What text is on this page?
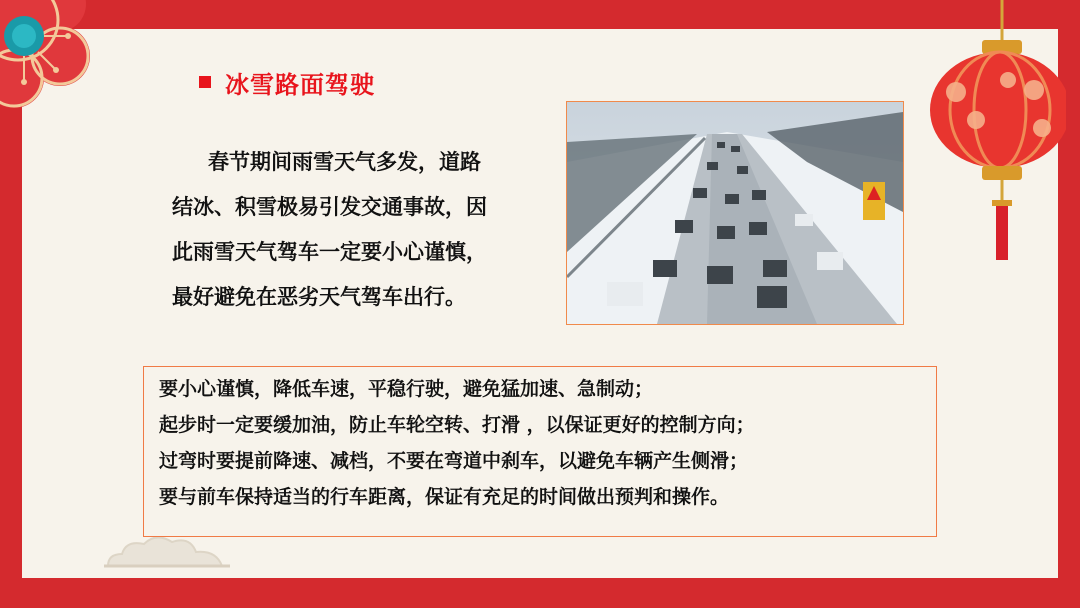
冰雪路面驾驶
春节期间雨雪天气多发，道路
结冰、积雪极易引发交通事故，因
此雨雪天气驾车一定要小心谨慎，
最好避免在恶劣天气驾车出行。
要小心谨慎，降低车速，平稳行驶，避免猛加速、急制动；
起步时一定要缓加油，防止车轮空转、打滑 ，以保证更好的控制方向；
过弯时要提前降速、减档，不要在弯道中刹车，以避免车辆产生侧滑；
要与前车保持适当的行车距离，保证有充足的时间做出预判和操作。
